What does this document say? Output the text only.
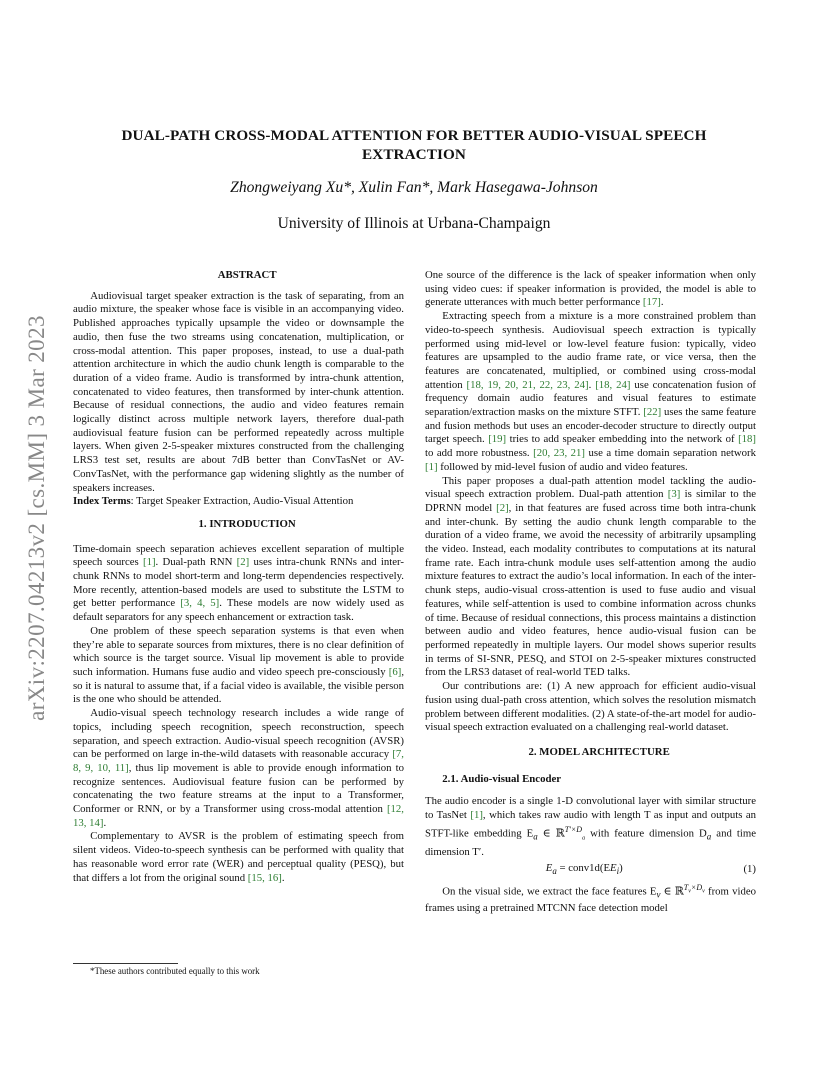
DUAL-PATH CROSS-MODAL ATTENTION FOR BETTER AUDIO-VISUAL SPEECH
EXTRACTION
Zhongweiyang Xu*, Xulin Fan*, Mark Hasegawa-Johnson
University of Illinois at Urbana-Champaign
arXiv:2207.04213v2 [cs.MM] 3 Mar 2023

ABSTRACT

Audiovisual target speaker extraction is the task of separating, from an audio mixture, the speaker whose face is visible in an accompanying video. Published approaches typically upsample the video or downsample the audio, then fuse the two streams using concatenation, multiplication, or cross-modal attention. This paper proposes, instead, to use a dual-path attention architecture in which the audio chunk length is comparable to the duration of a video frame. Audio is transformed by intra-chunk attention, concatenated to video features, then transformed by inter-chunk attention. Because of residual connections, the audio and video features remain logically distinct across multiple network layers, therefore dual-path audiovisual feature fusion can be performed repeatedly across multiple layers. When given 2-5-speaker mixtures constructed from the challenging LRS3 test set, results are about 7dB better than ConvTasNet or AV-ConvTasNet, with the performance gap widening slightly as the number of speakers increases.

Index Terms: Target Speaker Extraction, Audio-Visual Attention

1. INTRODUCTION

Time-domain speech separation achieves excellent separation of multiple speech sources [1]. Dual-path RNN [2] uses intra-chunk RNNs and inter-chunk RNNs to model short-term and long-term dependencies respectively. More recently, attention-based models are used to substitute the LSTM to get better performance [3, 4, 5]. These models are now widely used as default separators for any speech enhancement or extraction task.

One problem of these speech separation systems is that even when they’re able to separate sources from mixtures, there is no clear definition of which source is the target source. Visual lip movement is able to provide such information. Humans fuse audio and video speech pre-consciously [6], so it is natural to assume that, if a facial video is available, the visible person is the one who should be attended.

Audio-visual speech technology research includes a wide range of topics, including speech recognition, speech reconstruction, speech separation, and speech extraction. Audio-visual speech recognition (AVSR) can be performed on large in-the-wild datasets with reasonable accuracy [7, 8, 9, 10, 11], thus lip movement is able to provide enough information to recognize sentences. Audiovisual feature fusion can be performed by concatenating the two feature streams at the input to a Transformer, Conformer or RNN, or by a Transformer using cross-modal attention [12, 13, 14].

Complementary to AVSR is the problem of estimating speech from silent videos. Video-to-speech synthesis can be performed with quality that has reasonable word error rate (WER) and perceptual quality (PESQ), but that differs a lot from the original sound [15, 16].

*These authors contributed equally to this work

One source of the difference is the lack of speaker information when only using video cues: if speaker information is provided, the model is able to generate utterances with much better performance [17].

Extracting speech from a mixture is a more constrained problem than video-to-speech synthesis. Audiovisual speech extraction is typically performed using mid-level or low-level feature fusion: typically, video features are upsampled to the audio frame rate, or vice versa, then the features are concatenated, multiplied, or combined using cross-modal attention [18, 19, 20, 21, 22, 23, 24]. [18, 24] use concatenation fusion of frequency domain audio features and visual features to estimate separation/extraction masks on the mixture STFT. [22] uses the same feature and fusion methods but uses an encoder-decoder structure to directly output target speech. [19] tries to add speaker embedding into the network of [18] to add more robustness. [20, 23, 21] use a time domain separation network [1] followed by mid-level fusion of audio and video features.

This paper proposes a dual-path attention model tackling the audio-visual speech extraction problem. Dual-path attention [3] is similar to the DPRNN model [2], in that features are fused across time both intra-chunk and inter-chunk. By setting the audio chunk length comparable to the duration of a video frame, we avoid the necessity of arbitrarily upsampling the video. Instead, each modality contributes to computations at its natural frame rate. Each intra-chunk module uses self-attention among the audio mixture features to extract the audio’s local information. In each of the inter-chunk steps, audio-visual cross-attention is used to fuse audio and visual features, while self-attention is used to combine information across chunks of time. Because of residual connections, this process maintains a distinction between audio and video features, hence audio-visual fusion can be performed repeatedly in multiple layers. Our model shows superior results in terms of SI-SNR, PESQ, and STOI on 2-5-speaker mixtures constructed from the LRS3 dataset of real-world TED talks.

Our contributions are: (1) A new approach for efficient audio-visual fusion using dual-path cross attention, which solves the resolution mismatch problem between different modalities. (2) A state-of-the-art model for audio-visual speech extraction evaluated on a challenging real-world dataset.

2. MODEL ARCHITECTURE

2.1. Audio-visual Encoder

The audio encoder is a single 1-D convolutional layer with similar structure to TasNet [1], which takes raw audio with length T as input and outputs an STFT-like embedding $E_a$ ∈ ℝ$^{T'\times D}_a$ with feature dimension $D_a$ and time dimension T′.

$E_a$ = $conv1d(EE_i)$	(1)

On the visual side, we extract the face features $E_v$ ∈ ℝ$^{T_v\times D_v}$ from video frames using a pretrained MTCNN face detection model
